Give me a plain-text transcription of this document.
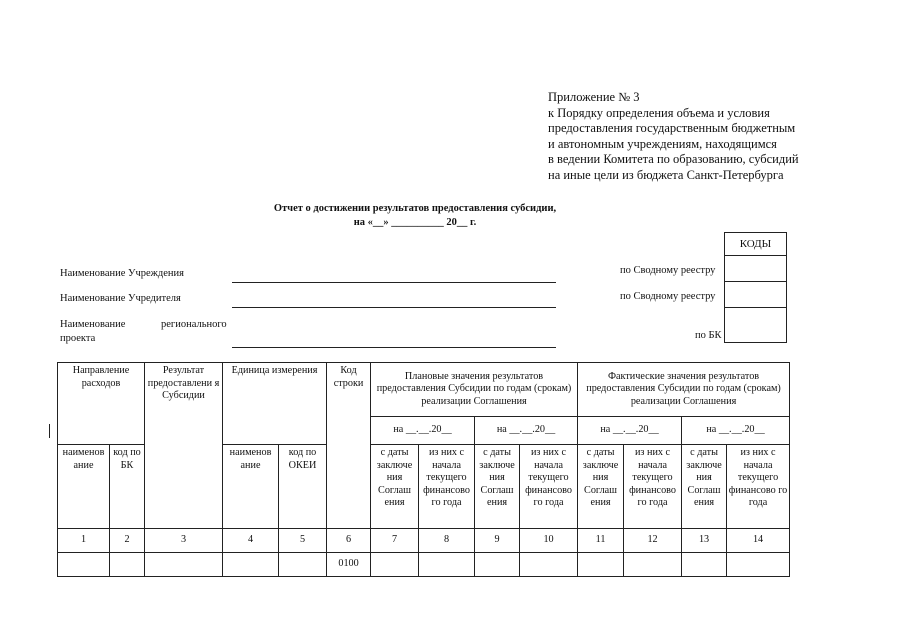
Приложение № 3
к Порядку определения объема и условия
предоставления государственным бюджетным
и автономным учреждениям, находящимся
в ведении Комитета по образованию, субсидий
на иные цели из бюджета Санкт-Петербурга
Отчет о достижении результатов предоставления субсидии,
на «__» __________ 20__ г.
Наименование Учреждения
Наименование Учредителя
Наименование	регионального
проекта
по Сводному реестру
по Сводному реестру
по БК
КОДЫ

Направление расходов		Результат предоставлени я Субсидии	Единица измерения		Код строки	Плановые значения результатов предоставления Субсидии по годам (срокам) реализации Соглашения				Фактические значения результатов предоставления Субсидии по годам (срокам) реализации Соглашения			
						на __.__.20__		на __.__.20__		на __.__.20__		на __.__.20__	
наименов ание	код по БК		наименов ание	код по ОКЕИ		с даты заключе ния Соглаш ения	из них с начала текущего финансово го года	с даты заключе ния Соглаш ения	из них с начала текущего финансово го года	с даты заключе ния Соглаш ения	из них с начала текущего финансово го года	с даты заключе ния Соглаш ения	из них с начала текущего финансово го года
1	2	3	4	5	6	7	8	9	10	11	12	13	14
					0100								
